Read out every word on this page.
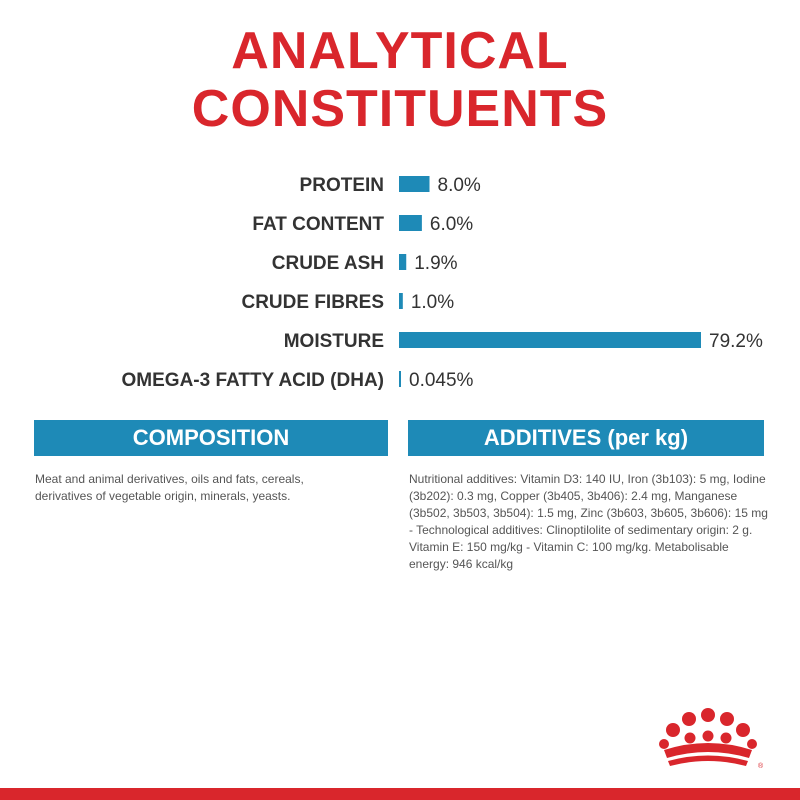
ANALYTICAL
CONSTITUENTS
PROTEIN	8.0%
FAT CONTENT 6.0%
CRUDE ASH 1.9%
CRUDE FIBRES 1.0%
MOISTURE	79.2%
OMEGA-3 FATTY ACID (DHA) 0.045%
COMPOSITION	ADDITIVES (per kg)
Meat and animal derivatives, oils and fats, cereals, derivatives of vegetable origin, minerals, yeasts.
Nutritional additives: Vitamin D3: 140 IU, Iron (3b103): 5 mg, Iodine (3b202): 0.3 mg, Copper (3b405, 3b406): 2.4 mg, Manganese (3b502, 3b503, 3b504): 1.5 mg, Zinc (3b603, 3b605, 3b606): 15 mg - Technological additives: Clinoptilolite of sedimentary origin: 2 g. Vitamin E: 150 mg/kg - Vitamin C: 100 mg/kg. Metabolisable energy: 946 kcal/kg
®
